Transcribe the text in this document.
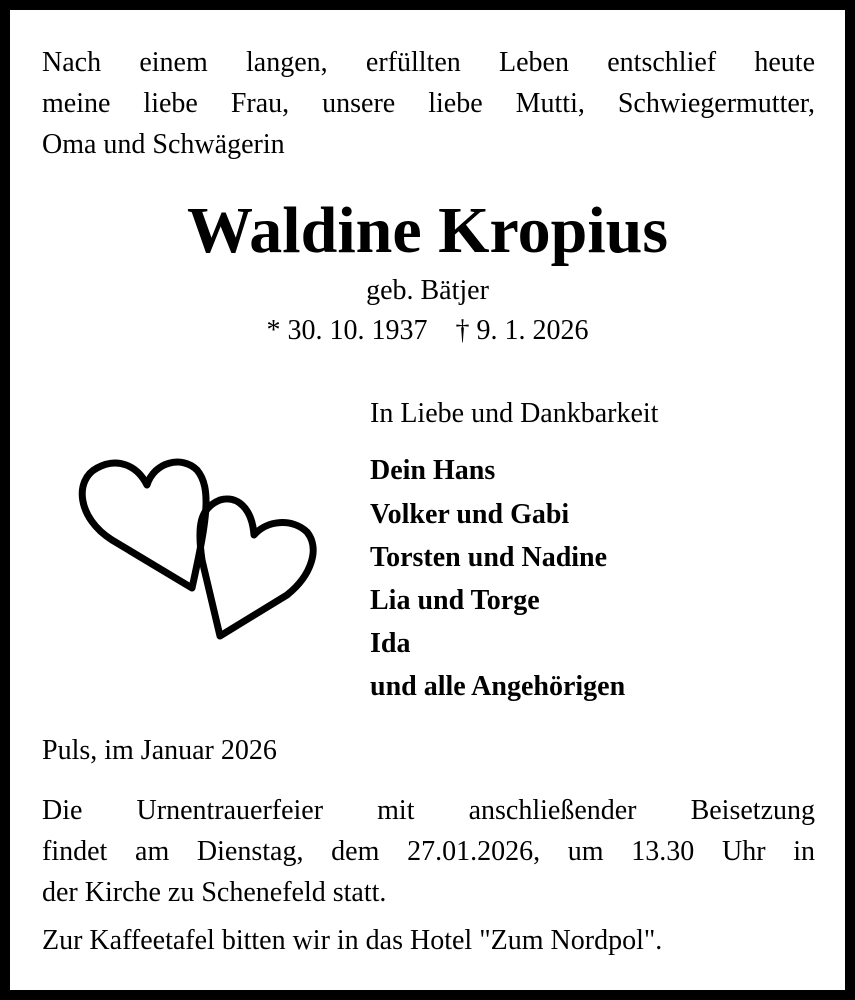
Nach einem langen, erfüllten Leben entschlief heute
meine liebe Frau, unsere liebe Mutti, Schwiegermutter,
Oma und Schwägerin
Waldine Kropius
geb. Bätjer
* 30. 10. 1937    † 9. 1. 2026
In Liebe und Dankbarkeit
Dein Hans
Volker und Gabi
Torsten und Nadine
Lia und Torge
Ida
und alle Angehörigen
Puls, im Januar 2026
Die Urnentrauerfeier mit anschließender Beisetzung
findet am Dienstag, dem 27.01.2026, um 13.30 Uhr in
der Kirche zu Schenefeld statt.
Zur Kaffeetafel bitten wir in das Hotel "Zum Nordpol".
